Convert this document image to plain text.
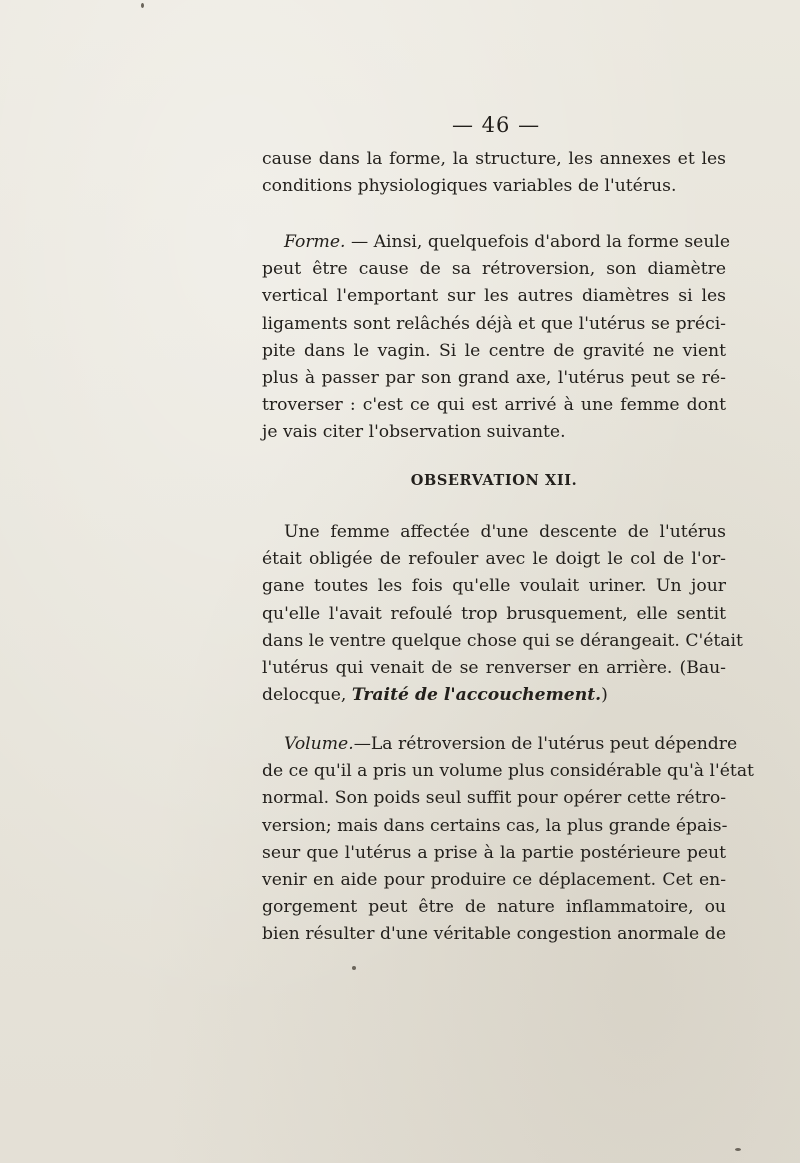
— 46 —
cause dans la forme, la structure, les annexes et les
conditions physiologiques variables de l'utérus.
Forme. — Ainsi, quelquefois d'abord la forme seule
peut être cause de sa rétroversion, son diamètre
vertical l'emportant sur les autres diamètres si les
ligaments sont relâchés déjà et que l'utérus se préci-
pite dans le vagin. Si le centre de gravité ne vient
plus à passer par son grand axe, l'utérus peut se ré-
troverser : c'est ce qui est arrivé à une femme dont
je vais citer l'observation suivante.
OBSERVATION XII.
Une femme affectée d'une descente de l'utérus
était obligée de refouler avec le doigt le col de l'or-
gane toutes les fois qu'elle voulait uriner. Un jour
qu'elle l'avait refoulé trop brusquement, elle sentit
dans le ventre quelque chose qui se dérangeait. C'était
l'utérus qui venait de se renverser en arrière. (Bau-
delocque, Traité de l'accouchement.)
Volume.—La rétroversion de l'utérus peut dépendre
de ce qu'il a pris un volume plus considérable qu'à l'état
normal. Son poids seul suffit pour opérer cette rétro-
version; mais dans certains cas, la plus grande épais-
seur que l'utérus a prise à la partie postérieure peut
venir en aide pour produire ce déplacement. Cet en-
gorgement peut être de nature inflammatoire, ou
bien résulter d'une véritable congestion anormale de
